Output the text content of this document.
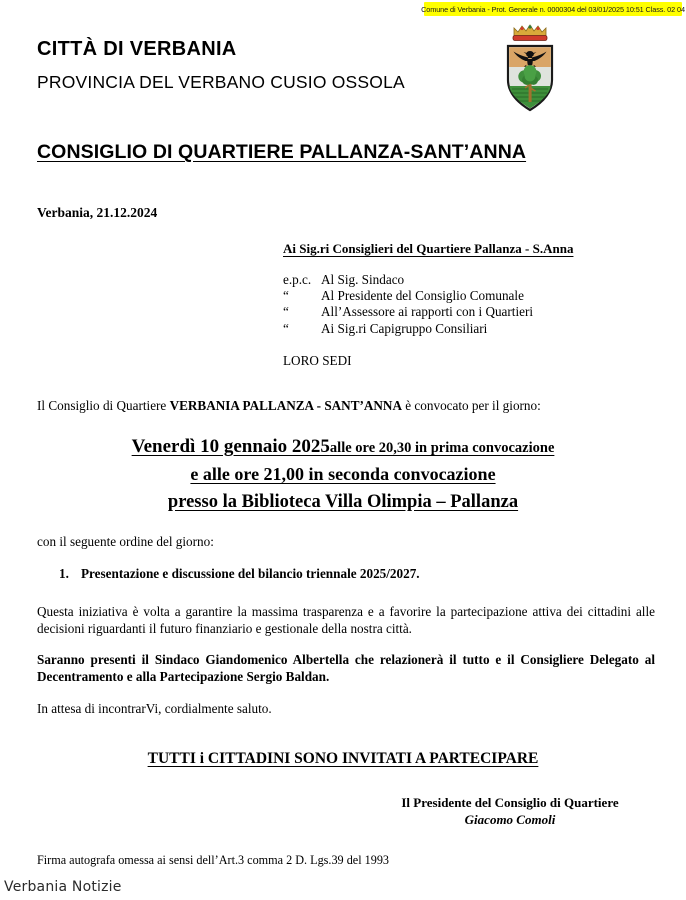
Comune di Verbania - Prot. Generale n. 0000304 del 03/01/2025 10:51 Class. 02 04
CITTÀ DI VERBANIA
PROVINCIA DEL VERBANO CUSIO OSSOLA
CONSIGLIO DI QUARTIERE PALLANZA-SANT’ANNA
Verbania, 21.12.2024
Ai Sig.ri Consiglieri del Quartiere Pallanza - S.Anna
e.p.c. Al Sig. Sindaco
“ Al Presidente del Consiglio Comunale
“ All’Assessore ai rapporti con i Quartieri
“ Ai Sig.ri Capigruppo Consiliari
LORO SEDI
Il Consiglio di Quartiere VERBANIA PALLANZA - SANT’ANNA è convocato per il giorno:
Venerdì 10 gennaio 2025alle ore 20,30 in prima convocazione
e alle ore 21,00 in seconda convocazione
presso la Biblioteca Villa Olimpia – Pallanza
con il seguente ordine del giorno:
1. Presentazione e discussione del bilancio triennale 2025/2027.
Questa iniziativa è volta a garantire la massima trasparenza e a favorire la partecipazione attiva dei cittadini alle decisioni riguardanti il futuro finanziario e gestionale della nostra città.
Saranno presenti il Sindaco Giandomenico Albertella che relazionerà il tutto e il Consigliere Delegato al Decentramento e alla Partecipazione Sergio Baldan.
In attesa di incontrarVi, cordialmente saluto.
TUTTI i CITTADINI SONO INVITATI A PARTECIPARE
Il Presidente del Consiglio di Quartiere
Giacomo Comoli
Firma autografa omessa ai sensi dell’Art.3 comma 2 D. Lgs.39 del 1993
Verbania Notizie
